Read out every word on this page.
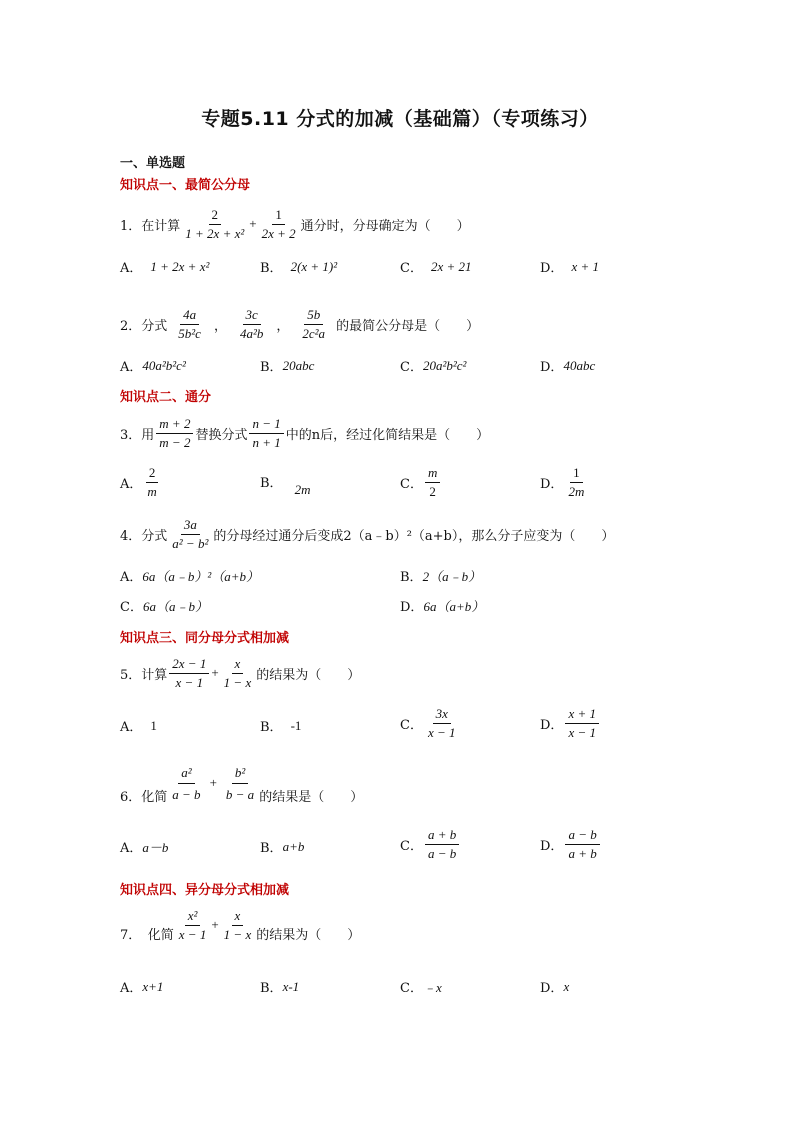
专题5.11 分式的加减（基础篇）（专项练习）
一、单选题
知识点一、最简公分母
1．在计算 $\frac{2}{\text{1 + 2x + x²}} + \frac{1}{2x + 2}$ 通分时，分母确定为（　　）
A． 1 + 2x + x²	B． 2(x + 1)²	C． 2x + 21	D． x + 1
2．分式 $\frac{4a}{\text{5b²c}}$ ， $\frac{3c}{\text{4a²b}}$ ， $\frac{5b}{\text{2c²a}}$ 的最简公分母是（　　）
A． 40a²b²c²	B． 20abc	C． 20a²b²c²	D． 40abc
知识点二、通分
3．用 $\frac{m + 2}{m - 2}$ 替换分式 $\frac{n - 1}{n + 1}$ 中的n后，经过化简结果是（　　）
A． $\frac{2}{m}$	B． 2m	C． $\frac{m}{2}$	D． $\frac{1}{2m}$
4．分式 $\frac{3a}{\text{a² − b²}}$ 的分母经过通分后变成2（a﹣b）²（a+b），那么分子应变为（　　）
A． 6a（a﹣b）²（a+b）	B． 2（a﹣b）
C． 6a（a﹣b）	D． 6a（a+b）
知识点三、同分母分式相加减
5．计算 $\frac{2x - 1}{x - 1} + \frac{x}{1 - x}$ 的结果为（　　）
A． 1	B． -1	C． $\frac{3x}{x - 1}$	D． $\frac{x + 1}{x - 1}$
6．化简 $\frac{\text{a²}}{a - b} + \frac{\text{b²}}{b - a}$ 的结果是（　　）
A． a－b	B． a+b	C． $\frac{a + b}{a - b}$	D． $\frac{a - b}{a + b}$
知识点四、异分母分式相加减
7．　化简 $\frac{\text{x²}}{x - 1} + \frac{x}{1 - x}$ 的结果为（　　）
A． x+1	B． x-1	C． ﹣x	D． x
